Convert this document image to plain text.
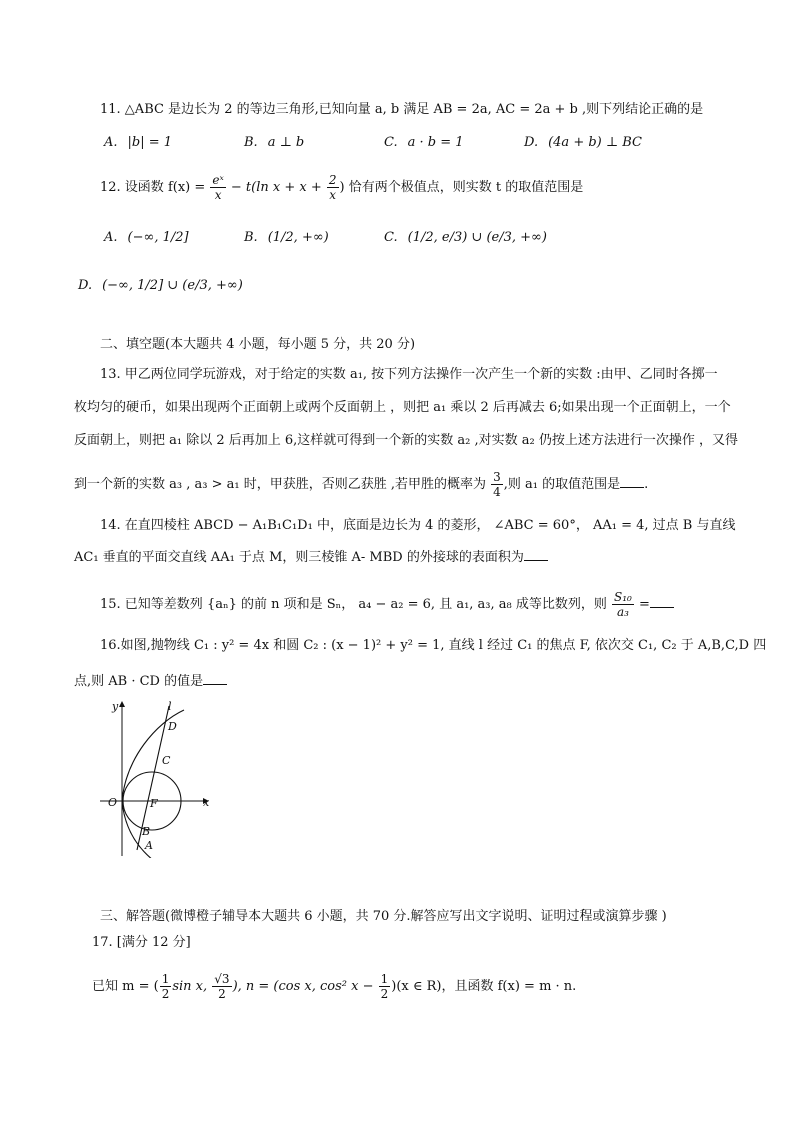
11. △ABC 是边长为 2 的等边三角形,已知向量 a, b 满足 AB = 2a, AC = 2a + b ,则下列结论正确的是
A. |b| = 1	B. a ⊥ b	C. a · b = 1	D. (4a + b) ⊥ BC
12. 设函数 $f(x) = \frac{\text{eˣ}}{x} - t(\ln$ $x + x + \frac{2}{x}$ ) 恰有两个极值点，则实数 t 的取值范围是
A. (−∞, 1/2]	B. (1/2, +∞)	C. (1/2, e/3) ∪ (e/3, +∞)
D. (−∞, 1/2] ∪ (e/3, +∞)
二、填空题(本大题共 4 小题，每小题 5 分，共 20 分)
13. 甲乙两位同学玩游戏，对于给定的实数 a₁, 按下列方法操作一次产生一个新的实数 :由甲、乙同时各掷一
枚均匀的硬币，如果出现两个正面朝上或两个反面朝上 ，则把 a₁ 乘以 2 后再减去 6;如果出现一个正面朝上，一个
反面朝上，则把 a₁ 除以 2 后再加上 6,这样就可得到一个新的实数 a₂ ,对实数 a₂ 仍按上述方法进行一次操作 ，又得
到一个新的实数 a₃ , a₃ > a₁ 时，甲获胜，否则乙获胜 ,若甲胜的概率为 $\frac{3}{4}$ ,则 a₁ 的取值范围是 .
14. 在直四棱柱 ABCD − A₁B₁C₁D₁ 中，底面是边长为 4 的菱形， ∠ABC = 60°， AA₁ = 4, 过点 B 与直线
AC₁ 垂直的平面交直线 AA₁ 于点 M，则三棱锥 A- MBD 的外接球的表面积为
15. 已知等差数列 {aₙ} 的前 n 项和是 Sₙ， a₄ − a₂ = 6, 且 a₁, a₃, a₈ 成等比数列，则 $\frac{\text{S₁₀}}{\text{a₃}}$ =
16.如图,抛物线 C₁ : y² = 4x 和圆 C₂ : (x − 1)² + y² = 1, 直线 l 经过 C₁ 的焦点 F, 依次交 C₁, C₂ 于 A,B,C,D 四
点,则 AB · CD 的值是
y
x
O	F
l
D
C
B
A
三、解答题(微博橙子辅导本大题共 6 小题，共 70 分.解答应写出文字说明、证明过程或演算步骤 )
17. [满分 12 分]
已知 m = ( $\frac{1}{2}$ sin x, $\frac{√3}{2}$ ), n = (cos x, cos² $x - \frac{1}{2} )(x$ ∈ R)，且函数 f(x) = m · n.
